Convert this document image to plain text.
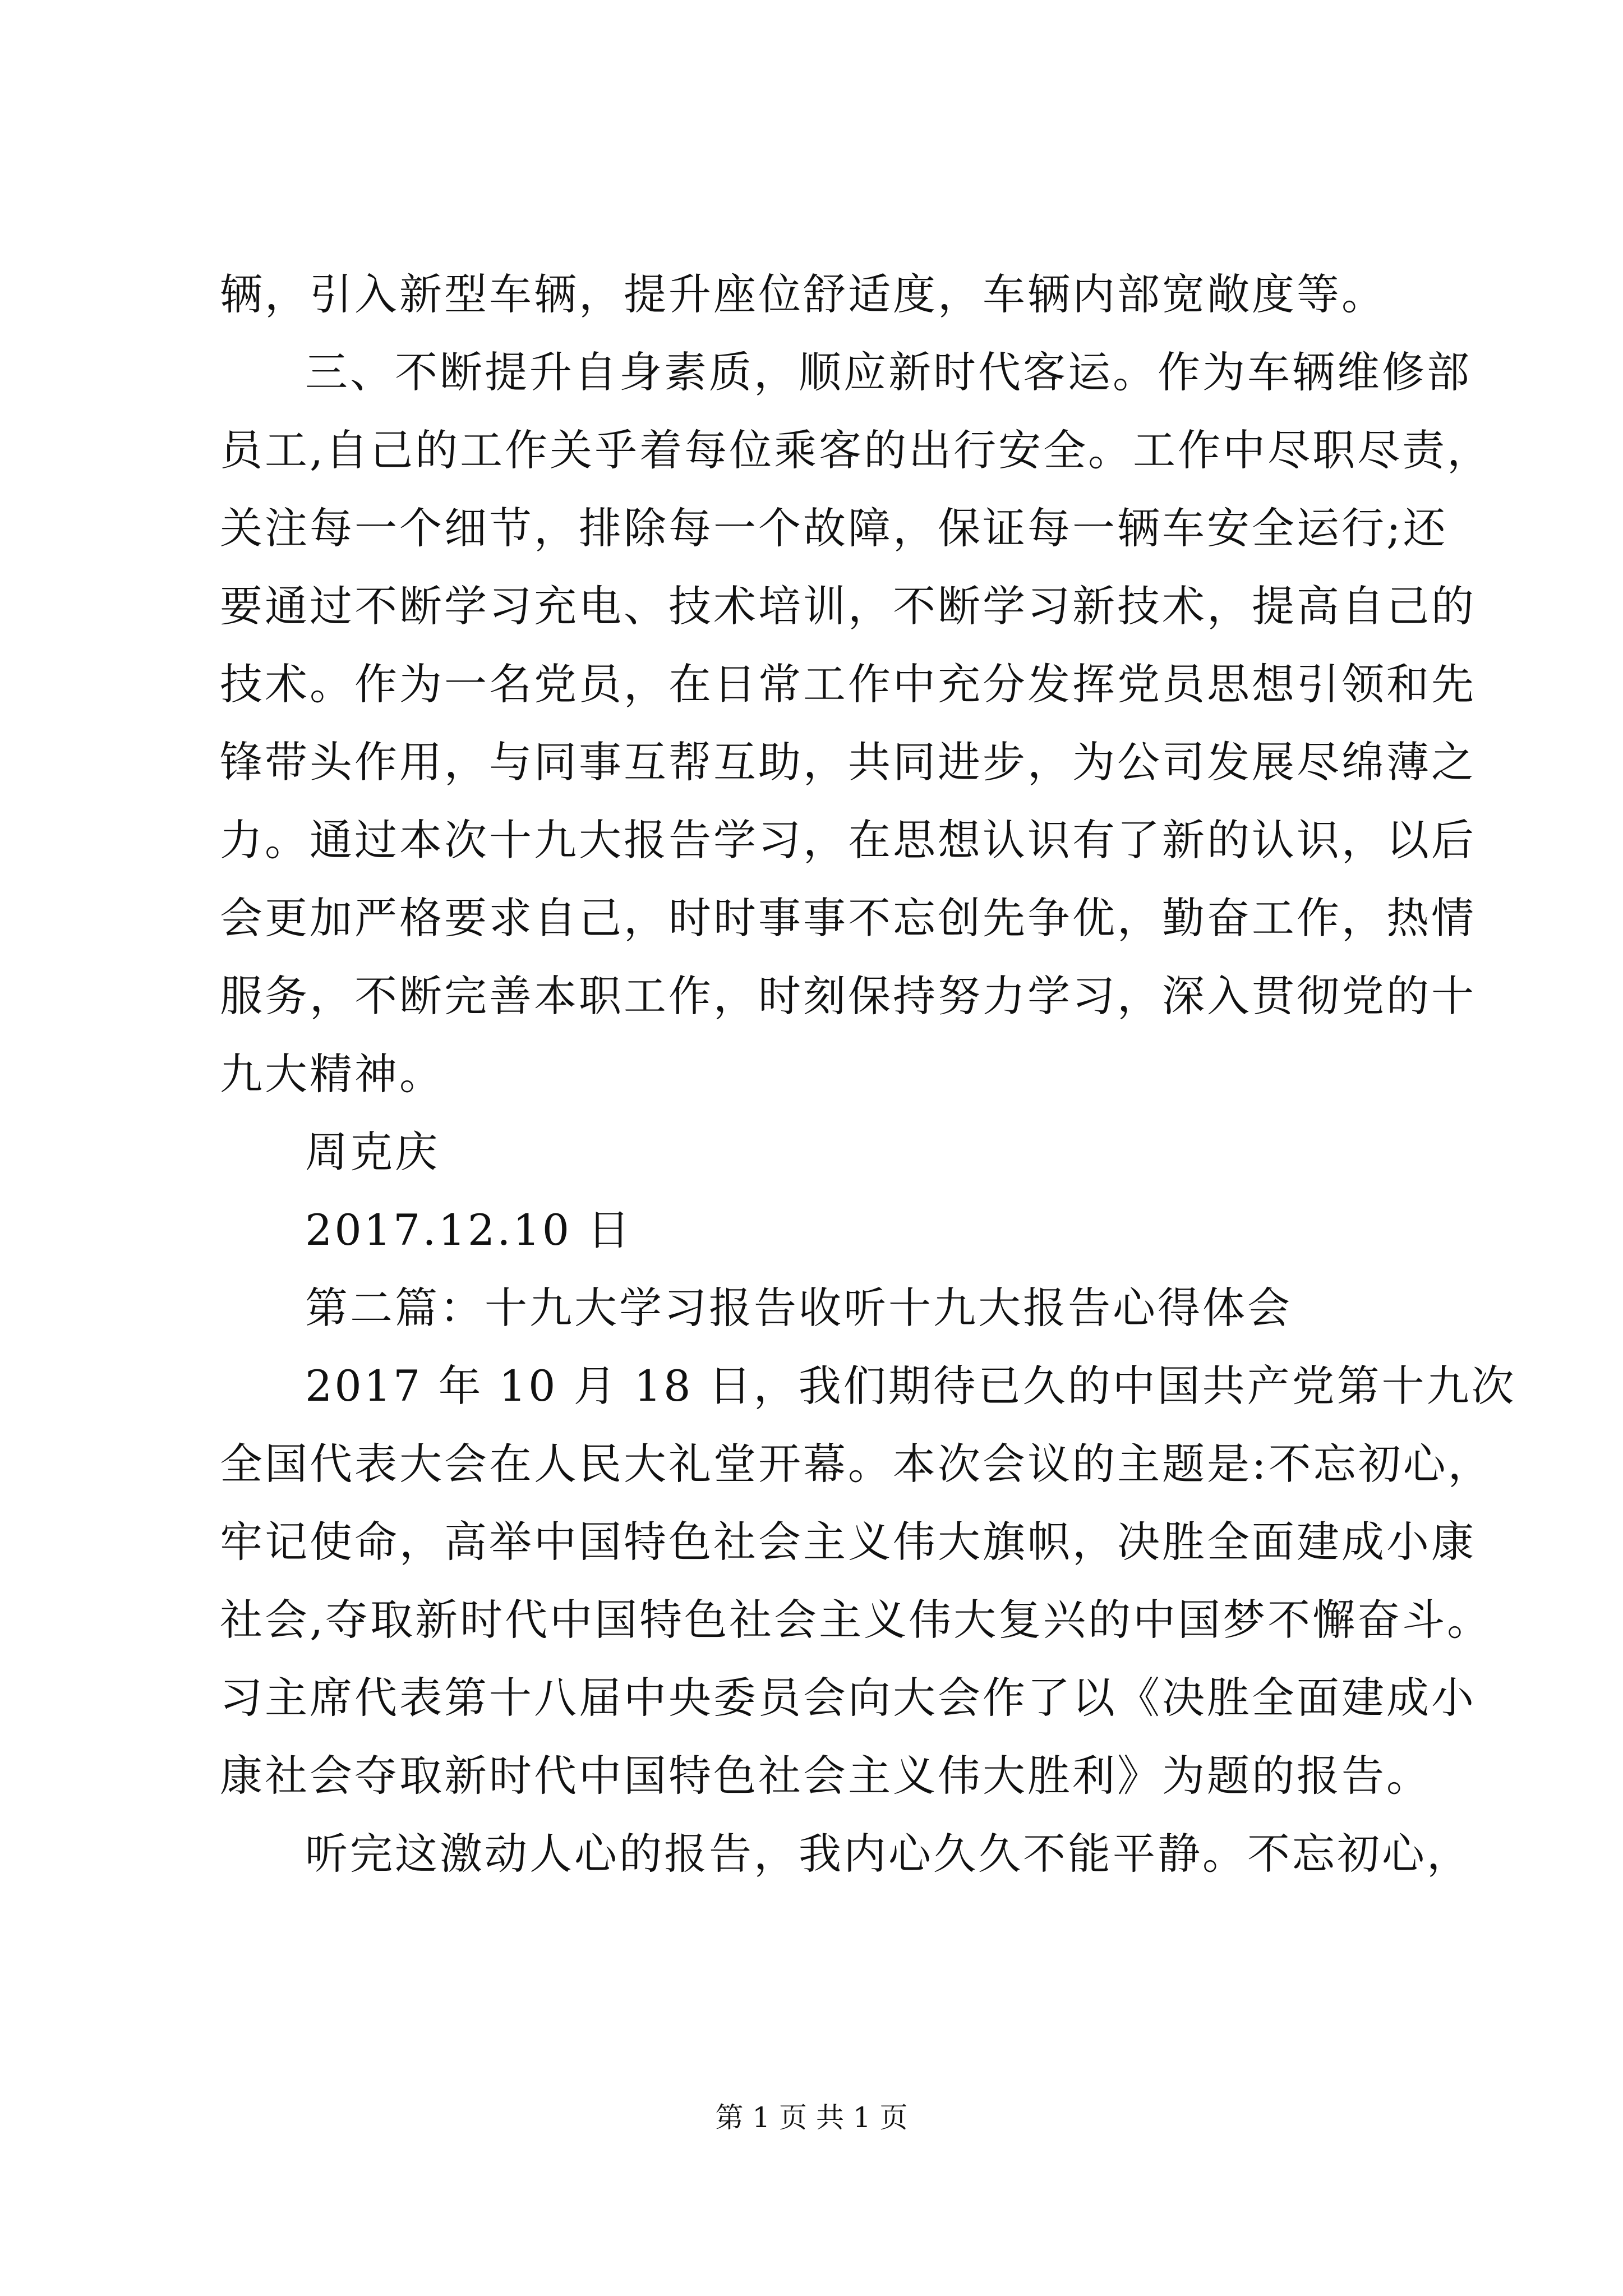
辆，引入新型车辆，提升座位舒适度，车辆内部宽敞度等。
三、不断提升自身素质，顺应新时代客运。作为车辆维修部
员工,自己的工作关乎着每位乘客的出行安全。工作中尽职尽责，
关注每一个细节，排除每一个故障，保证每一辆车安全运行;还
要通过不断学习充电、技术培训，不断学习新技术，提高自己的
技术。作为一名党员，在日常工作中充分发挥党员思想引领和先
锋带头作用，与同事互帮互助，共同进步，为公司发展尽绵薄之
力。通过本次十九大报告学习，在思想认识有了新的认识，以后
会更加严格要求自己，时时事事不忘创先争优，勤奋工作，热情
服务，不断完善本职工作，时刻保持努力学习，深入贯彻党的十
九大精神。
周克庆
2017.12.10 日
第二篇：十九大学习报告收听十九大报告心得体会
2017 年 10 月 18 日，我们期待已久的中国共产党第十九次
全国代表大会在人民大礼堂开幕。本次会议的主题是:不忘初心，
牢记使命，高举中国特色社会主义伟大旗帜，决胜全面建成小康
社会,夺取新时代中国特色社会主义伟大复兴的中国梦不懈奋斗。
习主席代表第十八届中央委员会向大会作了以《决胜全面建成小
康社会夺取新时代中国特色社会主义伟大胜利》为题的报告。
听完这激动人心的报告，我内心久久不能平静。不忘初心，
第 1 页 共 1 页
